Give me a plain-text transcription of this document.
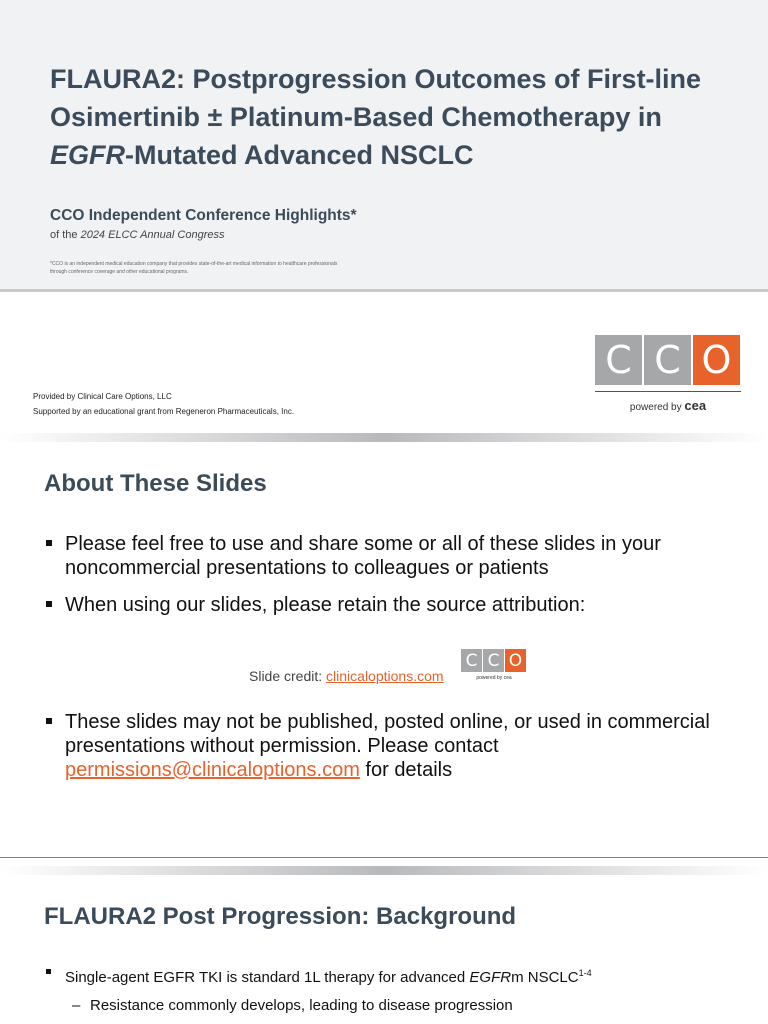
FLAURA2: Postprogression Outcomes of First-line Osimertinib ± Platinum-Based Chemotherapy in EGFR-Mutated Advanced NSCLC
CCO Independent Conference Highlights*
of the 2024 ELCC Annual Congress
*CCO is an independent medical education company that provides state-of-the-art medical information to healthcare professionals through conference coverage and other educational programs.
Provided by Clinical Care Options, LLC
Supported by an educational grant from Regeneron Pharmaceuticals, Inc.
C C O
powered by cea
About These Slides
Please feel free to use and share some or all of these slides in your noncommercial presentations to colleagues or patients
When using our slides, please retain the source attribution:
Slide credit: clinicaloptions.com
C C O
powered by cea
These slides may not be published, posted online, or used in commercial presentations without permission. Please contact permissions@clinicaloptions.com for details
FLAURA2 Post Progression: Background
Single-agent EGFR TKI is standard 1L therapy for advanced EGFRm NSCLC$^{1-4}$
– Resistance commonly develops, leading to disease progression
